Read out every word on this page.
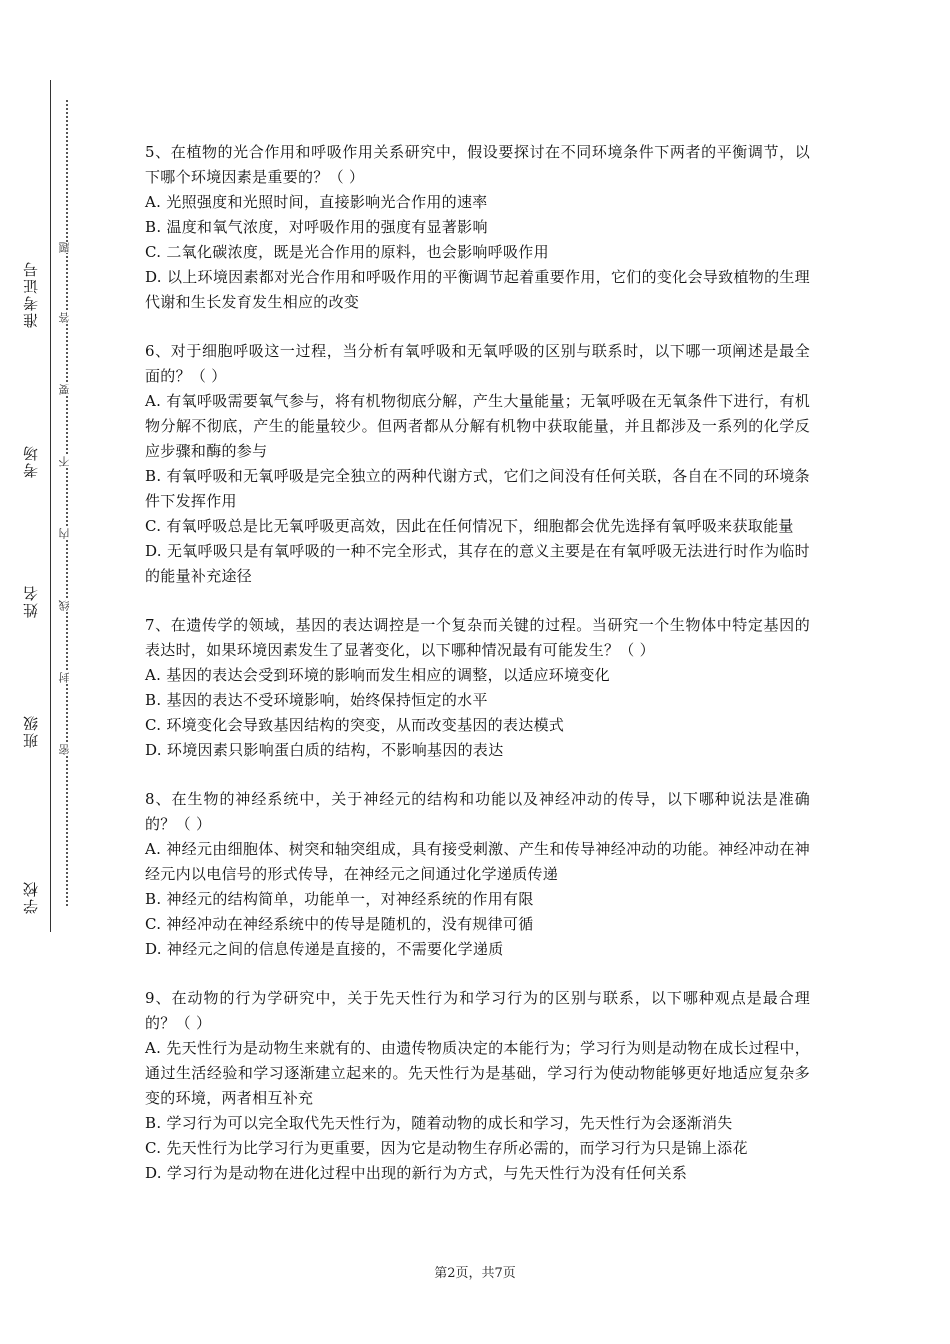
准考证号
考场
姓名
班级
学校
题
答
要
不
内
线
封
密

5、在植物的光合作用和呼吸作用关系研究中，假设要探讨在不同环境条件下两者的平衡调节，以下哪个环境因素是重要的？（ ）

A. 光照强度和光照时间，直接影响光合作用的速率

B. 温度和氧气浓度，对呼吸作用的强度有显著影响

C. 二氧化碳浓度，既是光合作用的原料，也会影响呼吸作用

D. 以上环境因素都对光合作用和呼吸作用的平衡调节起着重要作用，它们的变化会导致植物的生理代谢和生长发育发生相应的改变

6、对于细胞呼吸这一过程，当分析有氧呼吸和无氧呼吸的区别与联系时，以下哪一项阐述是最全面的？（ ）

A. 有氧呼吸需要氧气参与，将有机物彻底分解，产生大量能量；无氧呼吸在无氧条件下进行，有机物分解不彻底，产生的能量较少。但两者都从分解有机物中获取能量，并且都涉及一系列的化学反应步骤和酶的参与

B. 有氧呼吸和无氧呼吸是完全独立的两种代谢方式，它们之间没有任何关联，各自在不同的环境条件下发挥作用

C. 有氧呼吸总是比无氧呼吸更高效，因此在任何情况下，细胞都会优先选择有氧呼吸来获取能量

D. 无氧呼吸只是有氧呼吸的一种不完全形式，其存在的意义主要是在有氧呼吸无法进行时作为临时的能量补充途径

7、在遗传学的领域，基因的表达调控是一个复杂而关键的过程。当研究一个生物体中特定基因的表达时，如果环境因素发生了显著变化，以下哪种情况最有可能发生？（ ）

A. 基因的表达会受到环境的影响而发生相应的调整，以适应环境变化

B. 基因的表达不受环境影响，始终保持恒定的水平

C. 环境变化会导致基因结构的突变，从而改变基因的表达模式

D. 环境因素只影响蛋白质的结构，不影响基因的表达

8、在生物的神经系统中，关于神经元的结构和功能以及神经冲动的传导，以下哪种说法是准确的？（ ）

A. 神经元由细胞体、树突和轴突组成，具有接受刺激、产生和传导神经冲动的功能。神经冲动在神经元内以电信号的形式传导，在神经元之间通过化学递质传递

B. 神经元的结构简单，功能单一，对神经系统的作用有限

C. 神经冲动在神经系统中的传导是随机的，没有规律可循

D. 神经元之间的信息传递是直接的，不需要化学递质

9、在动物的行为学研究中，关于先天性行为和学习行为的区别与联系，以下哪种观点是最合理的？（ ）

A. 先天性行为是动物生来就有的、由遗传物质决定的本能行为；学习行为则是动物在成长过程中，通过生活经验和学习逐渐建立起来的。先天性行为是基础，学习行为使动物能够更好地适应复杂多变的环境，两者相互补充

B. 学习行为可以完全取代先天性行为，随着动物的成长和学习，先天性行为会逐渐消失

C. 先天性行为比学习行为更重要，因为它是动物生存所必需的，而学习行为只是锦上添花

D. 学习行为是动物在进化过程中出现的新行为方式，与先天性行为没有任何关系

第2页，共7页
